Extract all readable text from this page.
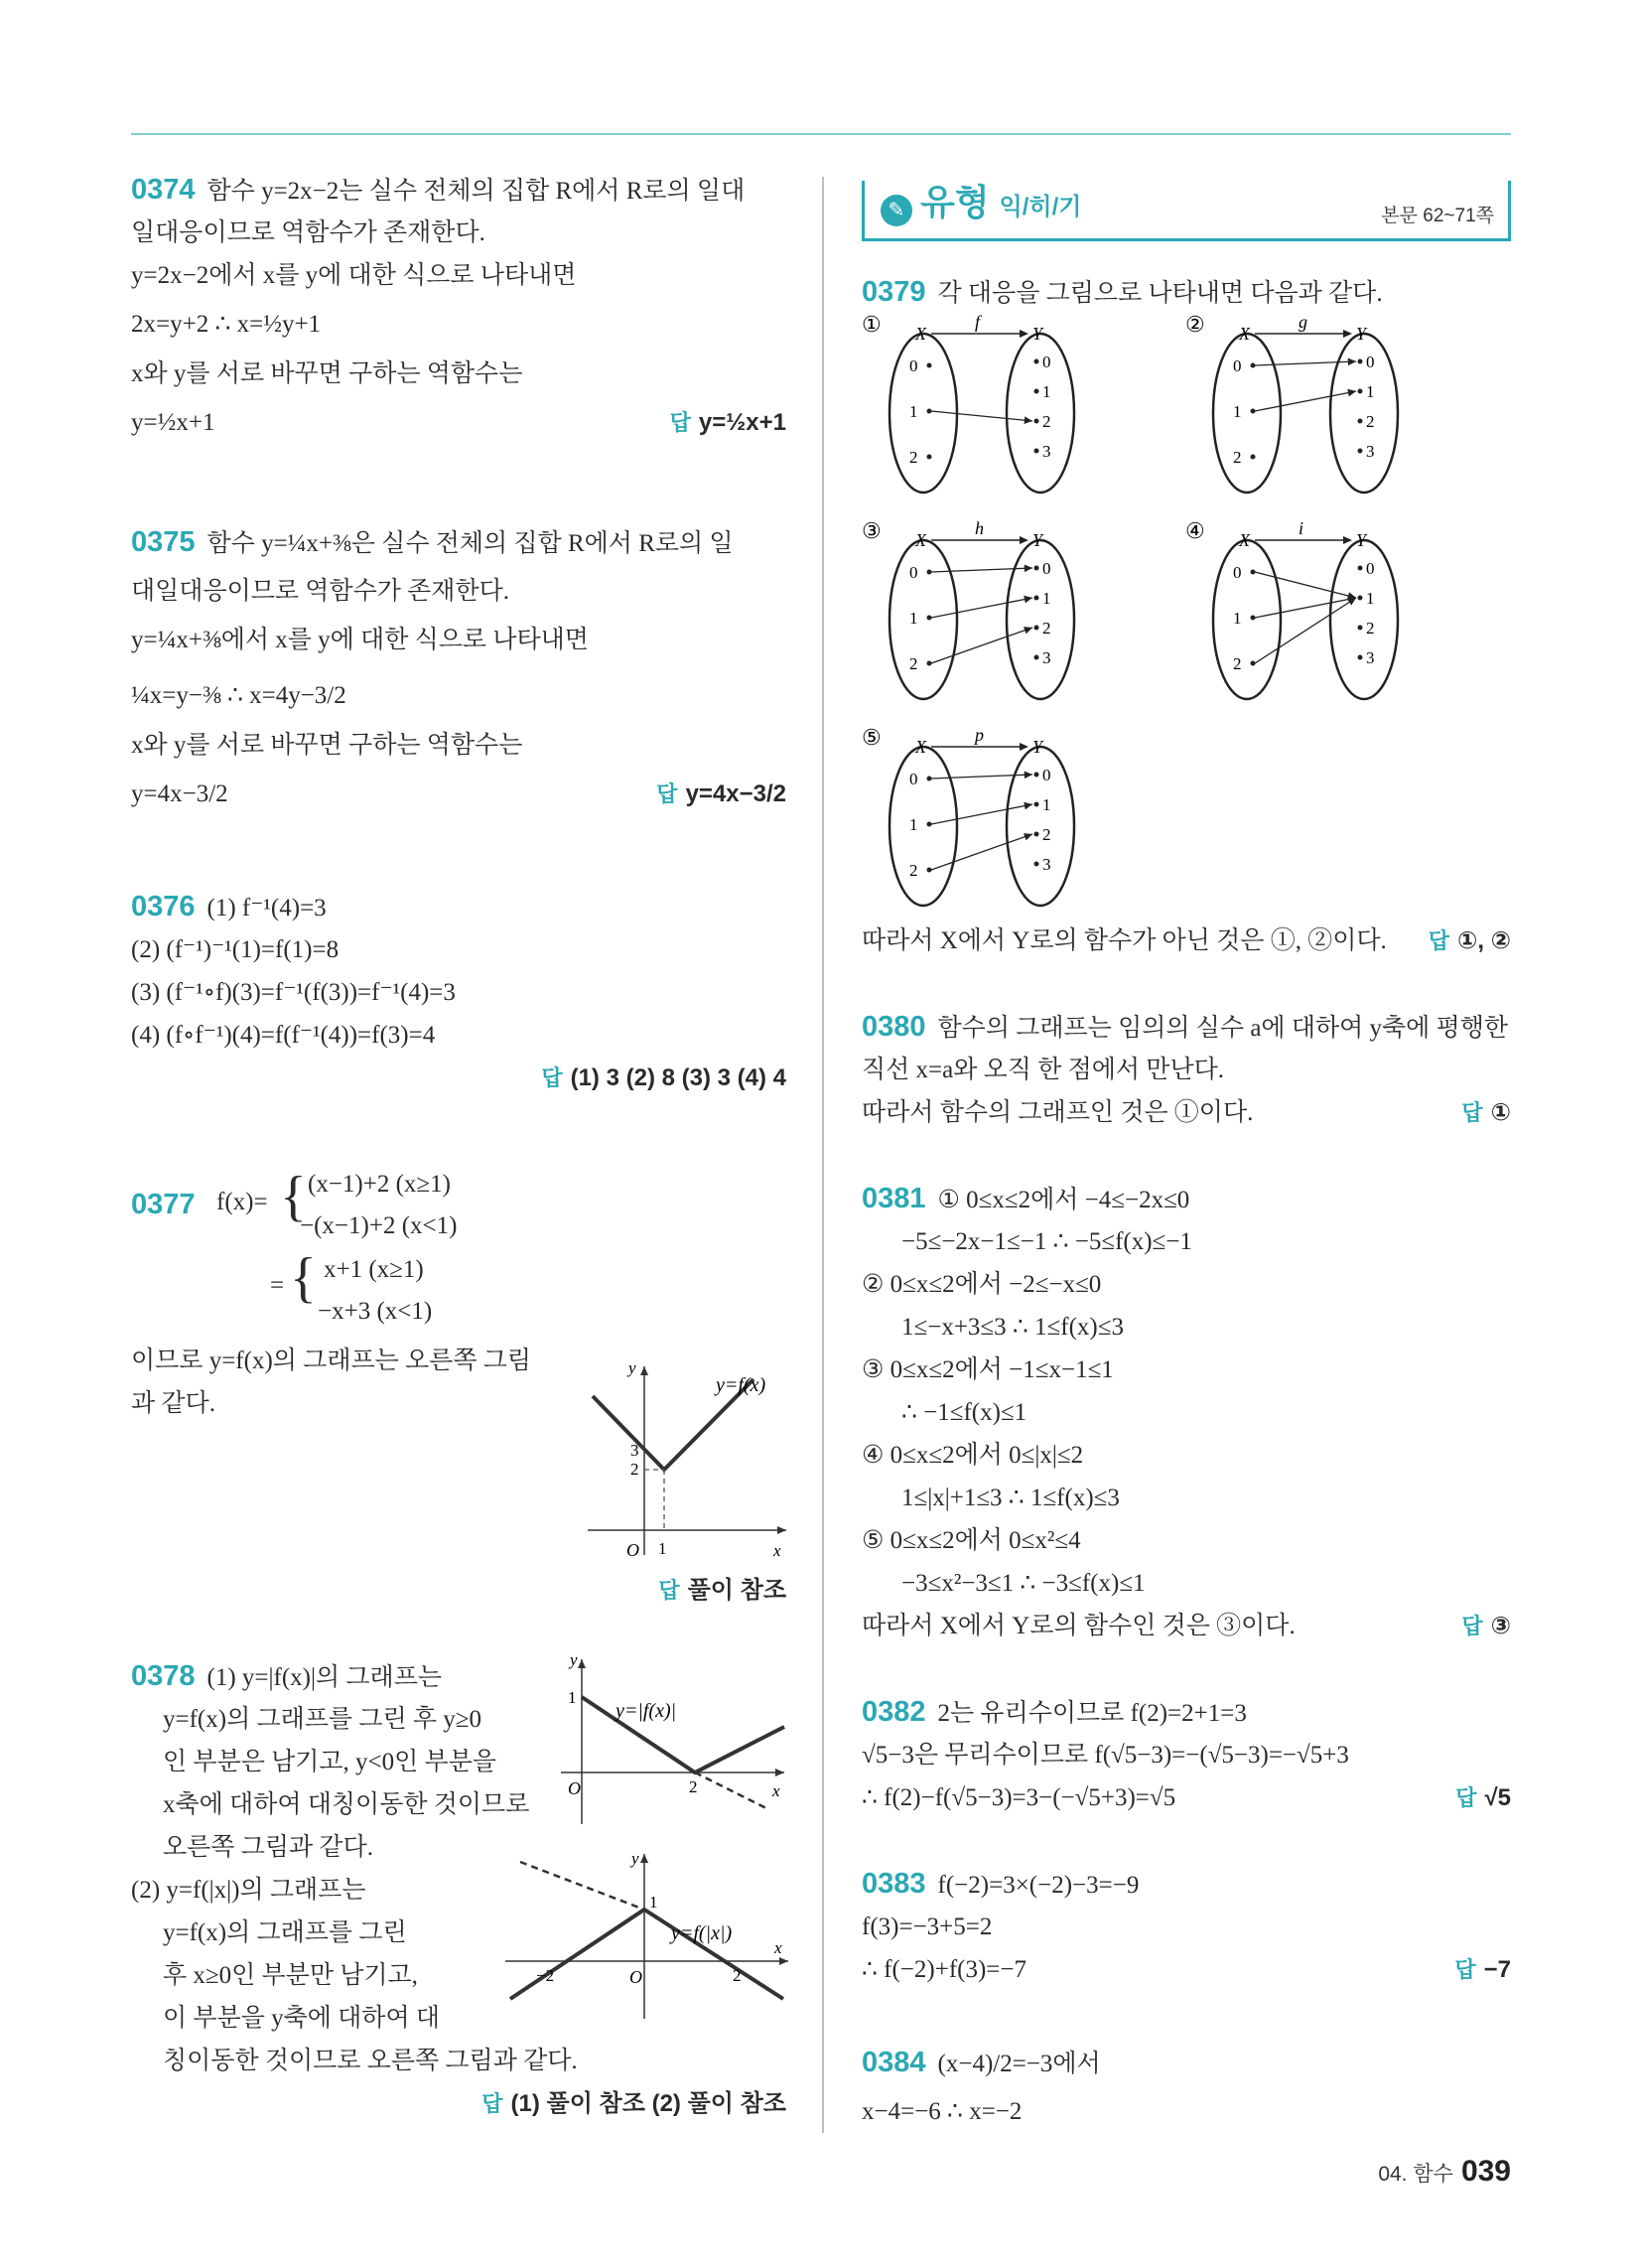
0374 함수 y=2x−2는 실수 전체의 집합 R에서 R로의 일대
일대응이므로 역함수가 존재한다.
y=2x−2에서 x를 y에 대한 식으로 나타내면
2x=y+2 ∴ x=½y+1
x와 y를 서로 바꾸면 구하는 역함수는
y=½x+1	답 y=½x+1
0375 함수 y=¼x+⅜은 실수 전체의 집합 R에서 R로의 일
대일대응이므로 역함수가 존재한다.
y=¼x+⅜에서 x를 y에 대한 식으로 나타내면
¼x=y−⅜ ∴ x=4y−3/2
x와 y를 서로 바꾸면 구하는 역함수는
y=4x−3/2	답 y=4x−3/2
0376 (1) f⁻¹(4)=3
(2) (f⁻¹)⁻¹(1)=f(1)=8
(3) (f⁻¹∘f)(3)=f⁻¹(f(3))=f⁻¹(4)=3
(4) (f∘f⁻¹)(4)=f(f⁻¹(4))=f(3)=4
답 (1) 3 (2) 8 (3) 3 (4) 4
0377 f(x)= { (x−1)+2 (x≥1)
−(x−1)+2 (x<1)
= { x+1 (x≥1)
−x+3 (x<1)
이므로 y=f(x)의 그래프는 오른쪽 그림
과 같다.
O 1
3
2
y
x
y=f(x)
답 풀이 참조
0378 (1) y=|f(x)|의 그래프는
y=f(x)의 그래프를 그린 후 y≥0
인 부분은 남기고, y<0인 부분을
x축에 대하여 대칭이동한 것이므로
오른쪽 그림과 같다.
(2) y=f(|x|)의 그래프는
y=f(x)의 그래프를 그린
후 x≥0인 부분만 남기고,
이 부분을 y축에 대하여 대
칭이동한 것이므로 오른쪽 그림과 같다.
답 (1) 풀이 참조 (2) 풀이 참조
O
1
2
y
x
y=|f(x)|
O
1
−2	2
y
x
y=f(|x|)
✎ 유형 익/히/기	본문 62~71쪽
0379 각 대응을 그림으로 나타내면 다음과 같다.
① X	Y
f
0
1
2
0
1
2
3
② X	Y
g
0
1
2
0
1
2
3
③ X	Y
h
0
1
2
0
1
2
3
④ X	Y
i
0
1
2
0
1
2
3
⑤ X	Y
p
0
1
2
0
1
2
3
따라서 X에서 Y로의 함수가 아닌 것은 ①, ②이다. 답 ①, ②
0380 함수의 그래프는 임의의 실수 a에 대하여 y축에 평행한
직선 x=a와 오직 한 점에서 만난다.
따라서 함수의 그래프인 것은 ①이다.	답 ①
0381 ① 0≤x≤2에서 −4≤−2x≤0
−5≤−2x−1≤−1 ∴ −5≤f(x)≤−1
② 0≤x≤2에서 −2≤−x≤0
1≤−x+3≤3 ∴ 1≤f(x)≤3
③ 0≤x≤2에서 −1≤x−1≤1
∴ −1≤f(x)≤1
④ 0≤x≤2에서 0≤|x|≤2
1≤|x|+1≤3 ∴ 1≤f(x)≤3
⑤ 0≤x≤2에서 0≤x²≤4
−3≤x²−3≤1 ∴ −3≤f(x)≤1
따라서 X에서 Y로의 함수인 것은 ③이다.	답 ③
0382 2는 유리수이므로 f(2)=2+1=3
√5−3은 무리수이므로 f(√5−3)=−(√5−3)=−√5+3
∴ f(2)−f(√5−3)=3−(−√5+3)=√5	답 √5
0383 f(−2)=3×(−2)−3=−9
f(3)=−3+5=2
∴ f(−2)+f(3)=−7	답 −7
0384 (x−4)/2=−3에서
x−4=−6 ∴ x=−2
04. 함수 039
